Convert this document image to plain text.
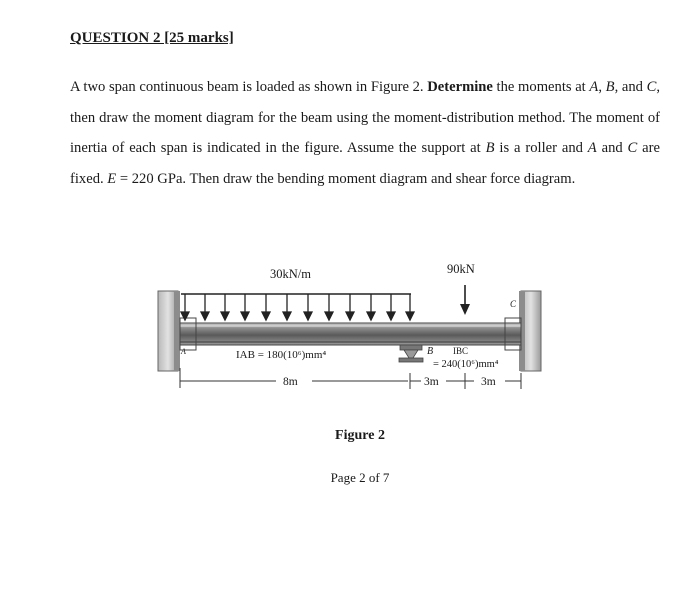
QUESTION 2 [25 marks]
A two span continuous beam is loaded as shown in Figure 2. Determine the moments at A, B, and C, then draw the moment diagram for the beam using the moment-distribution method. The moment of inertia of each span is indicated in the figure. Assume the support at B is a roller and A and C are fixed. E = 220 GPa. Then draw the bending moment diagram and shear force diagram.
30kN/m	90kN
A	B
C
IAB = 180(10⁶)mm⁴	IBC
= 240(10⁶)mm⁴
8m	3m	3m
Figure 2
Page 2 of 7
